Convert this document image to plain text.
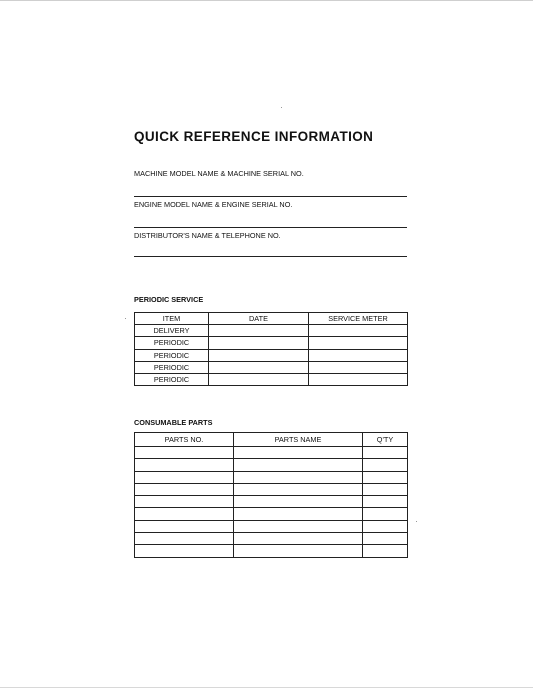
QUICK REFERENCE INFORMATION
MACHINE MODEL NAME & MACHINE SERIAL NO.
ENGINE MODEL NAME & ENGINE SERIAL NO.
DISTRIBUTOR'S NAME & TELEPHONE NO.
PERIODIC SERVICE
ITEM	DATE	SERVICE METER
DELIVERY		
PERIODIC		
PERIODIC		
PERIODIC		
PERIODIC		
CONSUMABLE PARTS
PARTS NO.	PARTS NAME	Q'TY
